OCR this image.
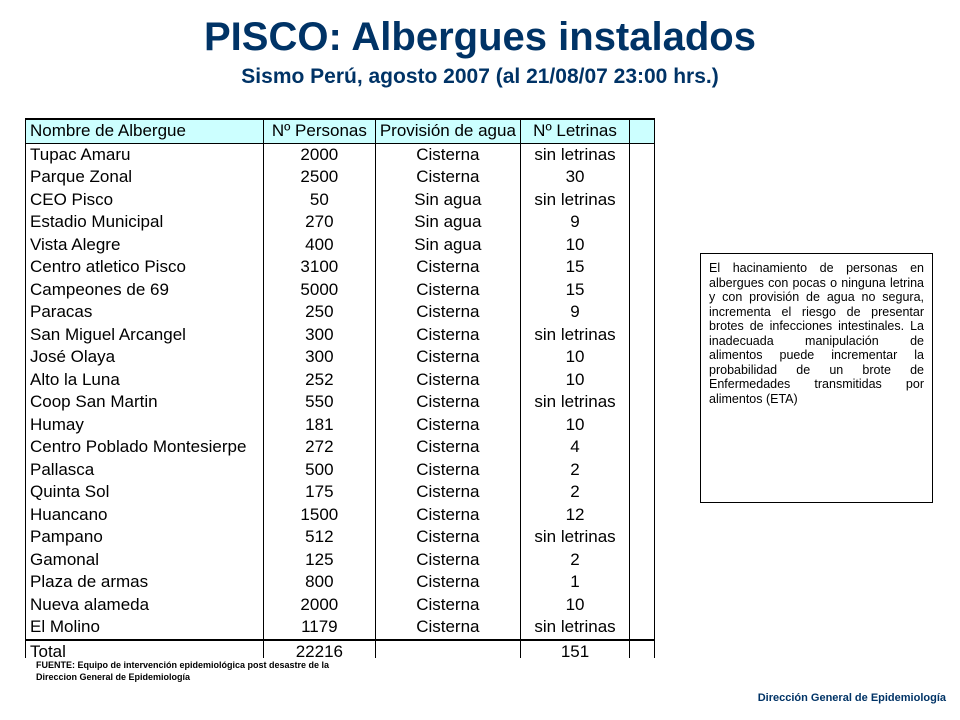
PISCO: Albergues instalados
Sismo Perú, agosto 2007 (al 21/08/07 23:00 hrs.)
Nombre de Albergue	Nº Personas	Provisión de agua	Nº Letrinas	
Tupac Amaru	2000	Cisterna	sin letrinas	
Parque Zonal	2500	Cisterna	30	
CEO Pisco	50	Sin agua	sin letrinas	
Estadio Municipal	270	Sin agua	9	
Vista Alegre	400	Sin agua	10	
Centro atletico Pisco	3100	Cisterna	15	
Campeones de 69	5000	Cisterna	15	
Paracas	250	Cisterna	9	
San Miguel Arcangel	300	Cisterna	sin letrinas	
José Olaya	300	Cisterna	10	
Alto la Luna	252	Cisterna	10	
Coop San Martin	550	Cisterna	sin letrinas	
Humay	181	Cisterna	10	
Centro Poblado Montesierpe	272	Cisterna	4	
Pallasca	500	Cisterna	2	
Quinta Sol	175	Cisterna	2	
Huancano	1500	Cisterna	12	
Pampano	512	Cisterna	sin letrinas	
Gamonal	125	Cisterna	2	
Plaza de armas	800	Cisterna	1	
Nueva alameda	2000	Cisterna	10	
El Molino	1179	Cisterna	sin letrinas	
Total	22216		151	
FUENTE: Equipo de intervención epidemiológica post desastre de la Direccion General de Epidemiología
El hacinamiento de personas en albergues con pocas o ninguna letrina y con provisión de agua no segura, incrementa el riesgo de presentar brotes de infecciones intestinales. La inadecuada manipulación de alimentos puede incrementar la probabilidad de un brote de Enfermedades transmitidas por alimentos (ETA)
Dirección General de Epidemiología
